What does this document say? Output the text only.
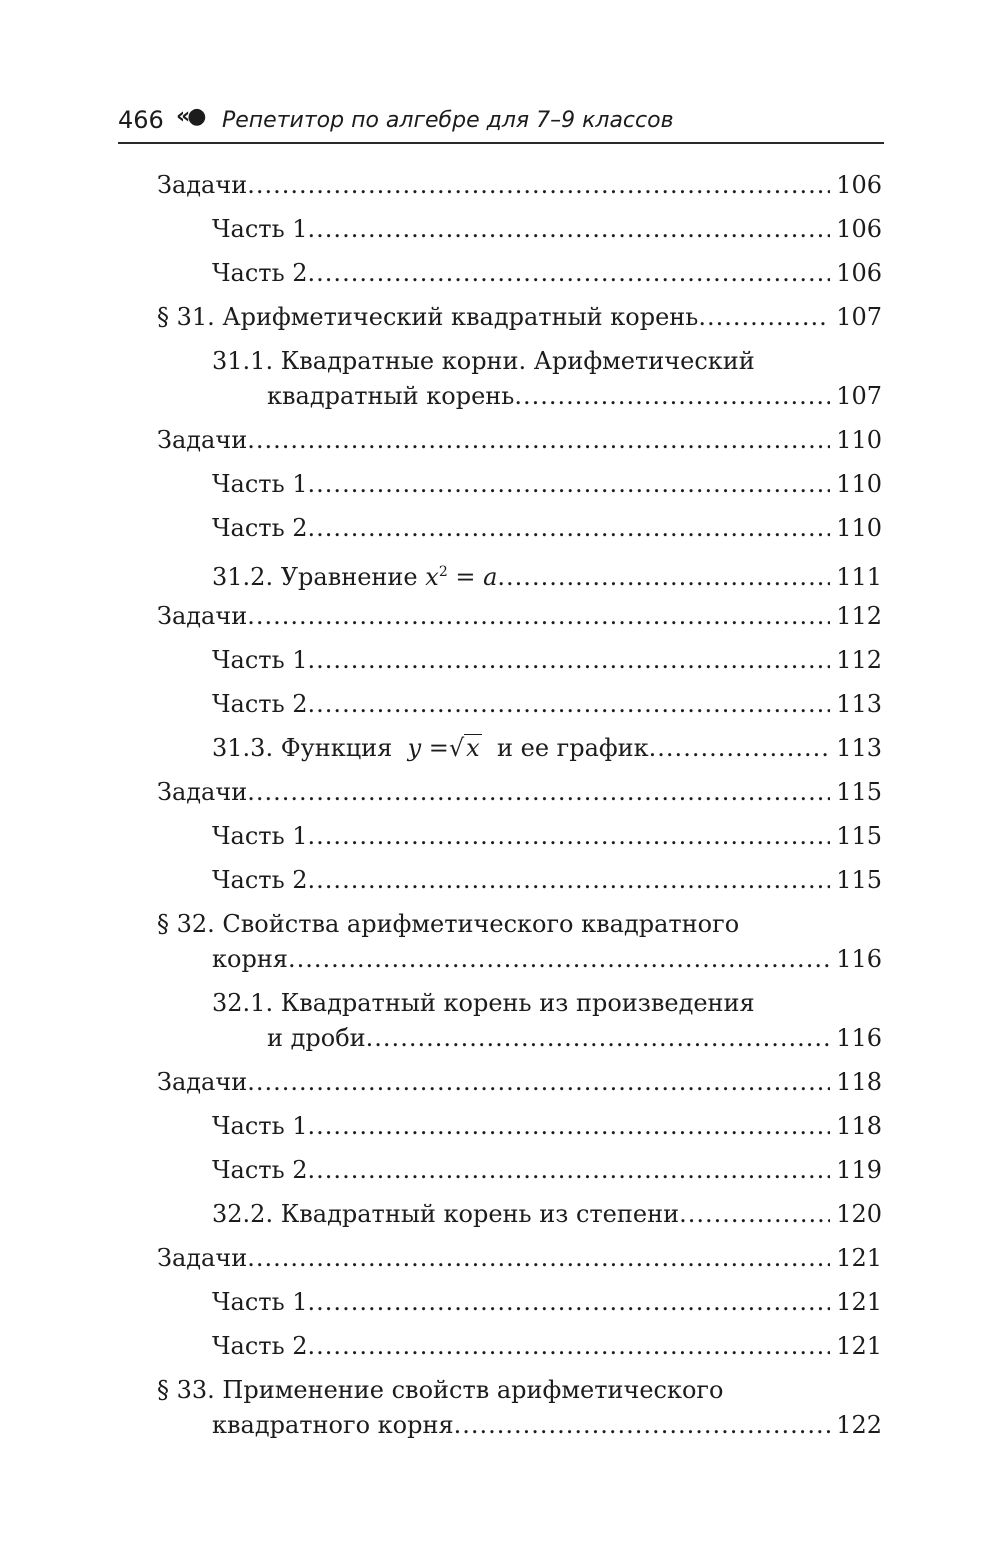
466 «● Репетитор по алгебре для 7–9 классов
Задачи .....	106
Часть 1 .....	106
Часть 2 .....	106
§ 31. Арифметический квадратный корень .....	107
31.1. Квадратные корни. Арифметический
квадратный корень .....	107
Задачи .....	110
Часть 1 .....	110
Часть 2 .....	110
31.2. Уравнение $x^2 = a$ .....	111
Задачи .....	112
Часть 1 .....	112
Часть 2 .....	113
31.3. Функция y =√x и ее график .....	113
Задачи .....	115
Часть 1 .....	115
Часть 2 .....	115
§ 32. Свойства арифметического квадратного
корня .....	116
32.1. Квадратный корень из произведения
и дроби .....	116
Задачи .....	118
Часть 1 .....	118
Часть 2 .....	119
32.2. Квадратный корень из степени .....	120
Задачи .....	121
Часть 1 .....	121
Часть 2 .....	121
§ 33. Применение свойств арифметического
квадратного корня .....	122
